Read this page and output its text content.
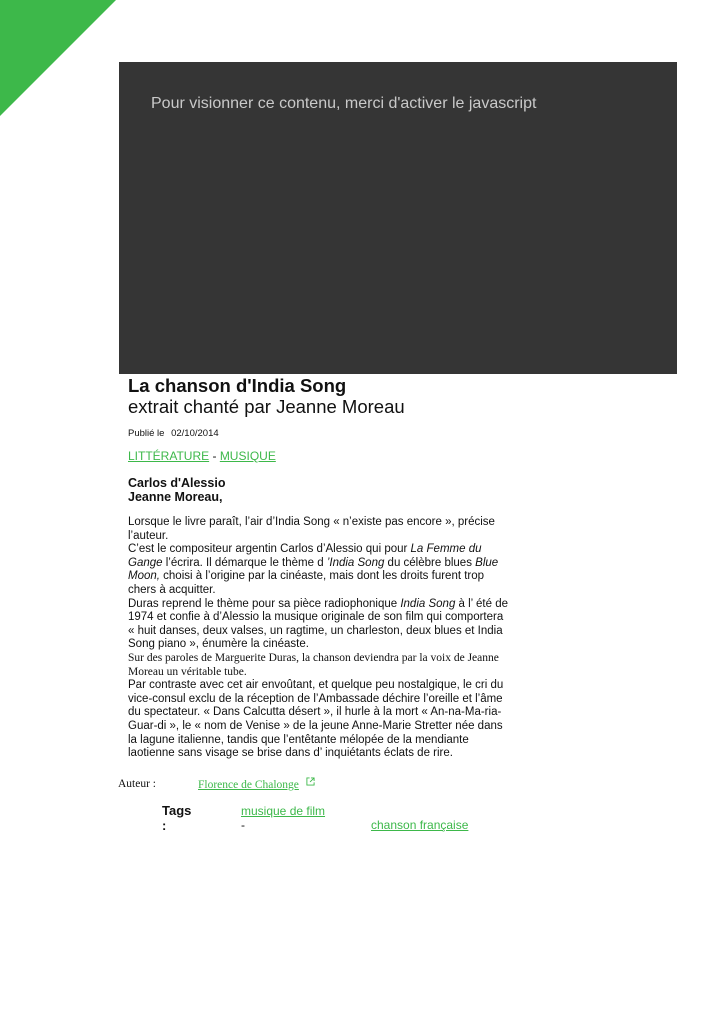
Pour visionner ce contenu, merci d'activer le javascript
La chanson d'India Song
extrait chanté par Jeanne Moreau
Publié le 02/10/2014
LITTÉRATURE - MUSIQUE
Carlos d'Alessio
Jeanne Moreau,

Lorsque le livre paraît, l’air d’India Song « n’existe pas encore », précise l’auteur.

C’est le compositeur argentin Carlos d’Alessio qui pour La Femme du Gange l’écrira. Il démarque le thème d ’India Song du célèbre blues Blue Moon, choisi à l’origine par la cinéaste, mais dont les droits furent trop chers à acquitter.

Duras reprend le thème pour sa pièce radiophonique India Song à l’ été de 1974 et confie à d’Alessio la musique originale de son film qui comportera « huit danses, deux valses, un ragtime, un charleston, deux blues et India Song piano », énumère la cinéaste.

Sur des paroles de Marguerite Duras, la chanson deviendra par la voix de Jeanne Moreau un véritable tube.

Par contraste avec cet air envoûtant, et quelque peu nostalgique, le cri du vice-consul exclu de la réception de l’Ambassade déchire l’oreille et l’âme du spectateur. « Dans Calcutta désert », il hurle à la mort « An-na-Ma-ria-Guar-di », le « nom de Venise » de la jeune Anne-Marie Stretter née dans la lagune italienne, tandis que l’entêtante mélopée de la mendiante laotienne sans visage se brise dans d’ inquiétants éclats de rire.

Auteur :	Florence de Chalonge
Tags :
musique de film
-	chanson française
